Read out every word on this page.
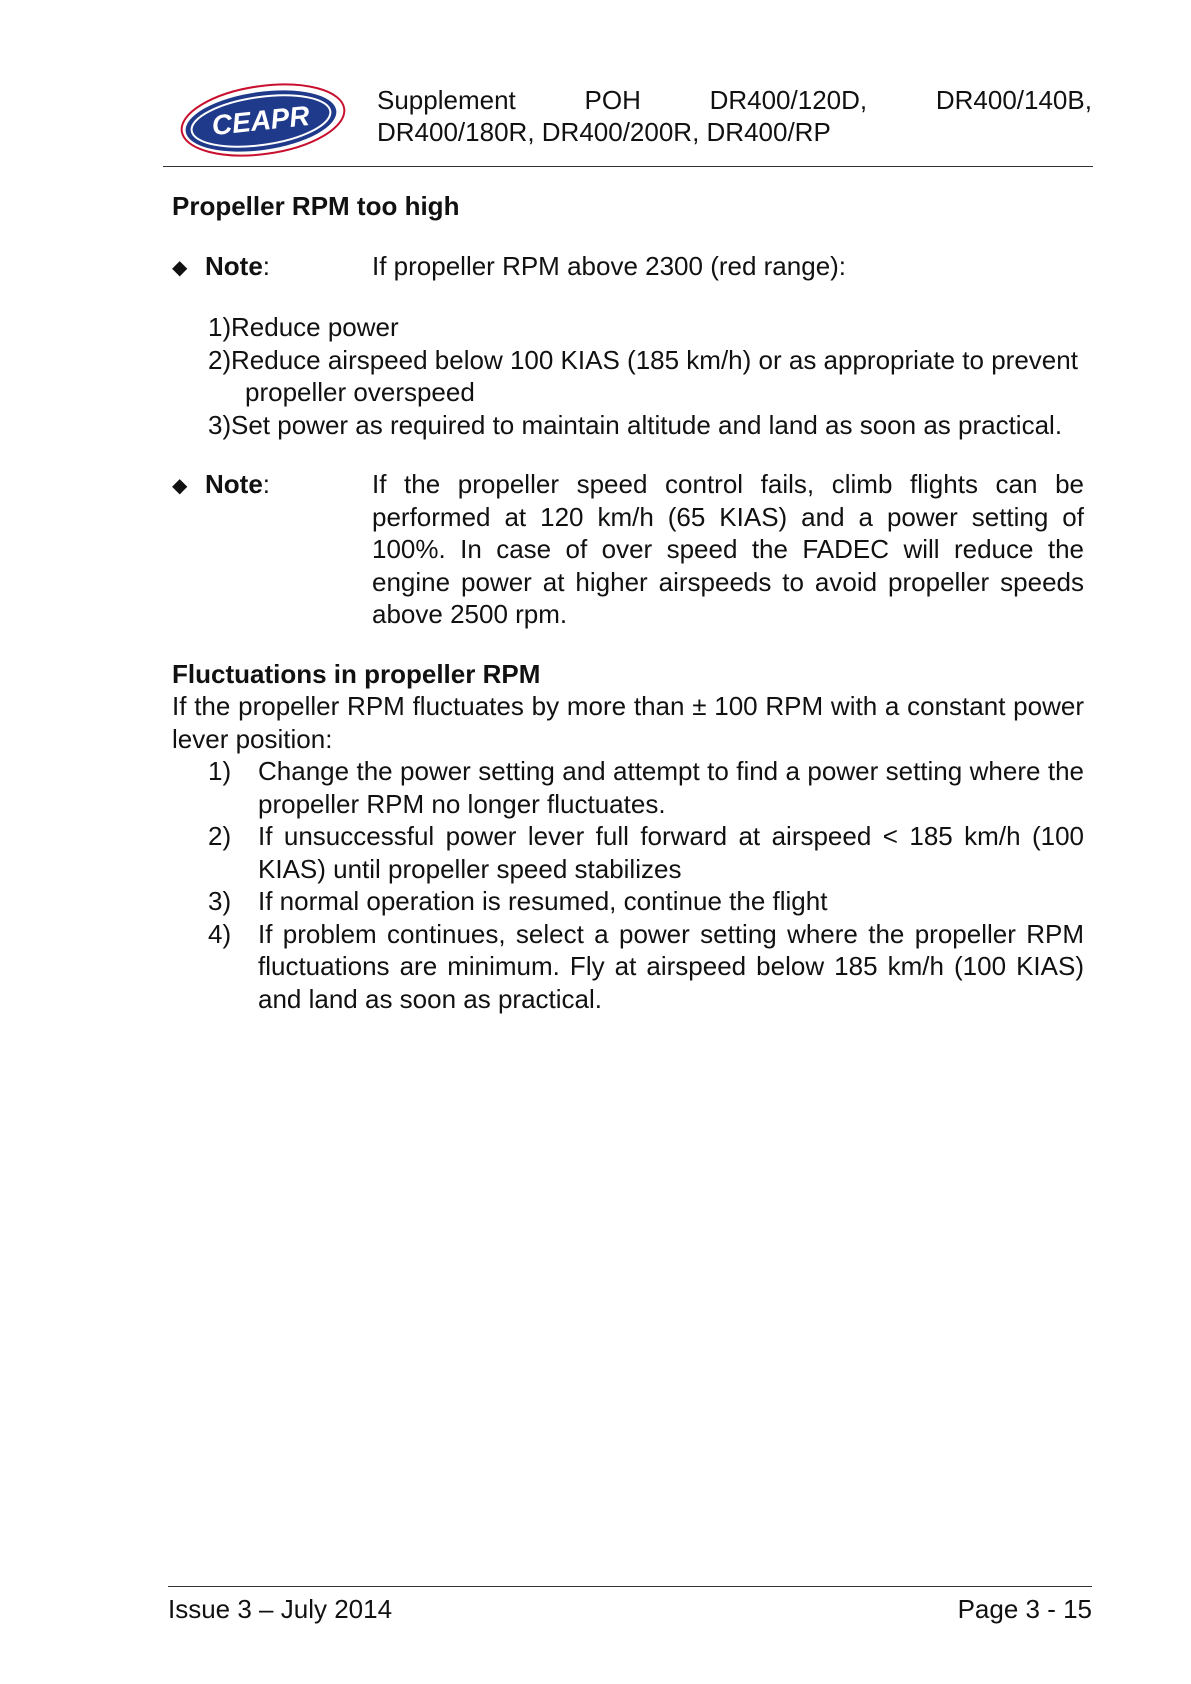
CEAPR	Supplement	POH	DR400/120D,	DR400/140B,
DR400/180R, DR400/200R, DR400/RP

Propeller RPM too high

◆ Note:	If propeller RPM above 2300 (red range):
1) Reduce power
2) Reduce airspeed below 100 KIAS (185 km/h) or as appropriate to prevent propeller overspeed
3) Set power as required to maintain altitude and land as soon as practical.
◆ Note:	If the propeller speed control fails, climb flights can be performed at 120 km/h (65 KIAS) and a power setting of 100%. In case of over speed the FADEC will reduce the engine power at higher airspeeds to avoid propeller speeds above 2500 rpm.

Fluctuations in propeller RPM

If the propeller RPM fluctuates by more than ± 100 RPM with a constant power lever position:

1) Change the power setting and attempt to find a power setting where the propeller RPM no longer fluctuates.
2) If unsuccessful power lever full forward at airspeed < 185 km/h (100 KIAS) until propeller speed stabilizes
3) If normal operation is resumed, continue the flight
4) If problem continues, select a power setting where the propeller RPM fluctuations are minimum. Fly at airspeed below 185 km/h (100 KIAS) and land as soon as practical.
Issue 3 – July 2014	Page 3 - 15
